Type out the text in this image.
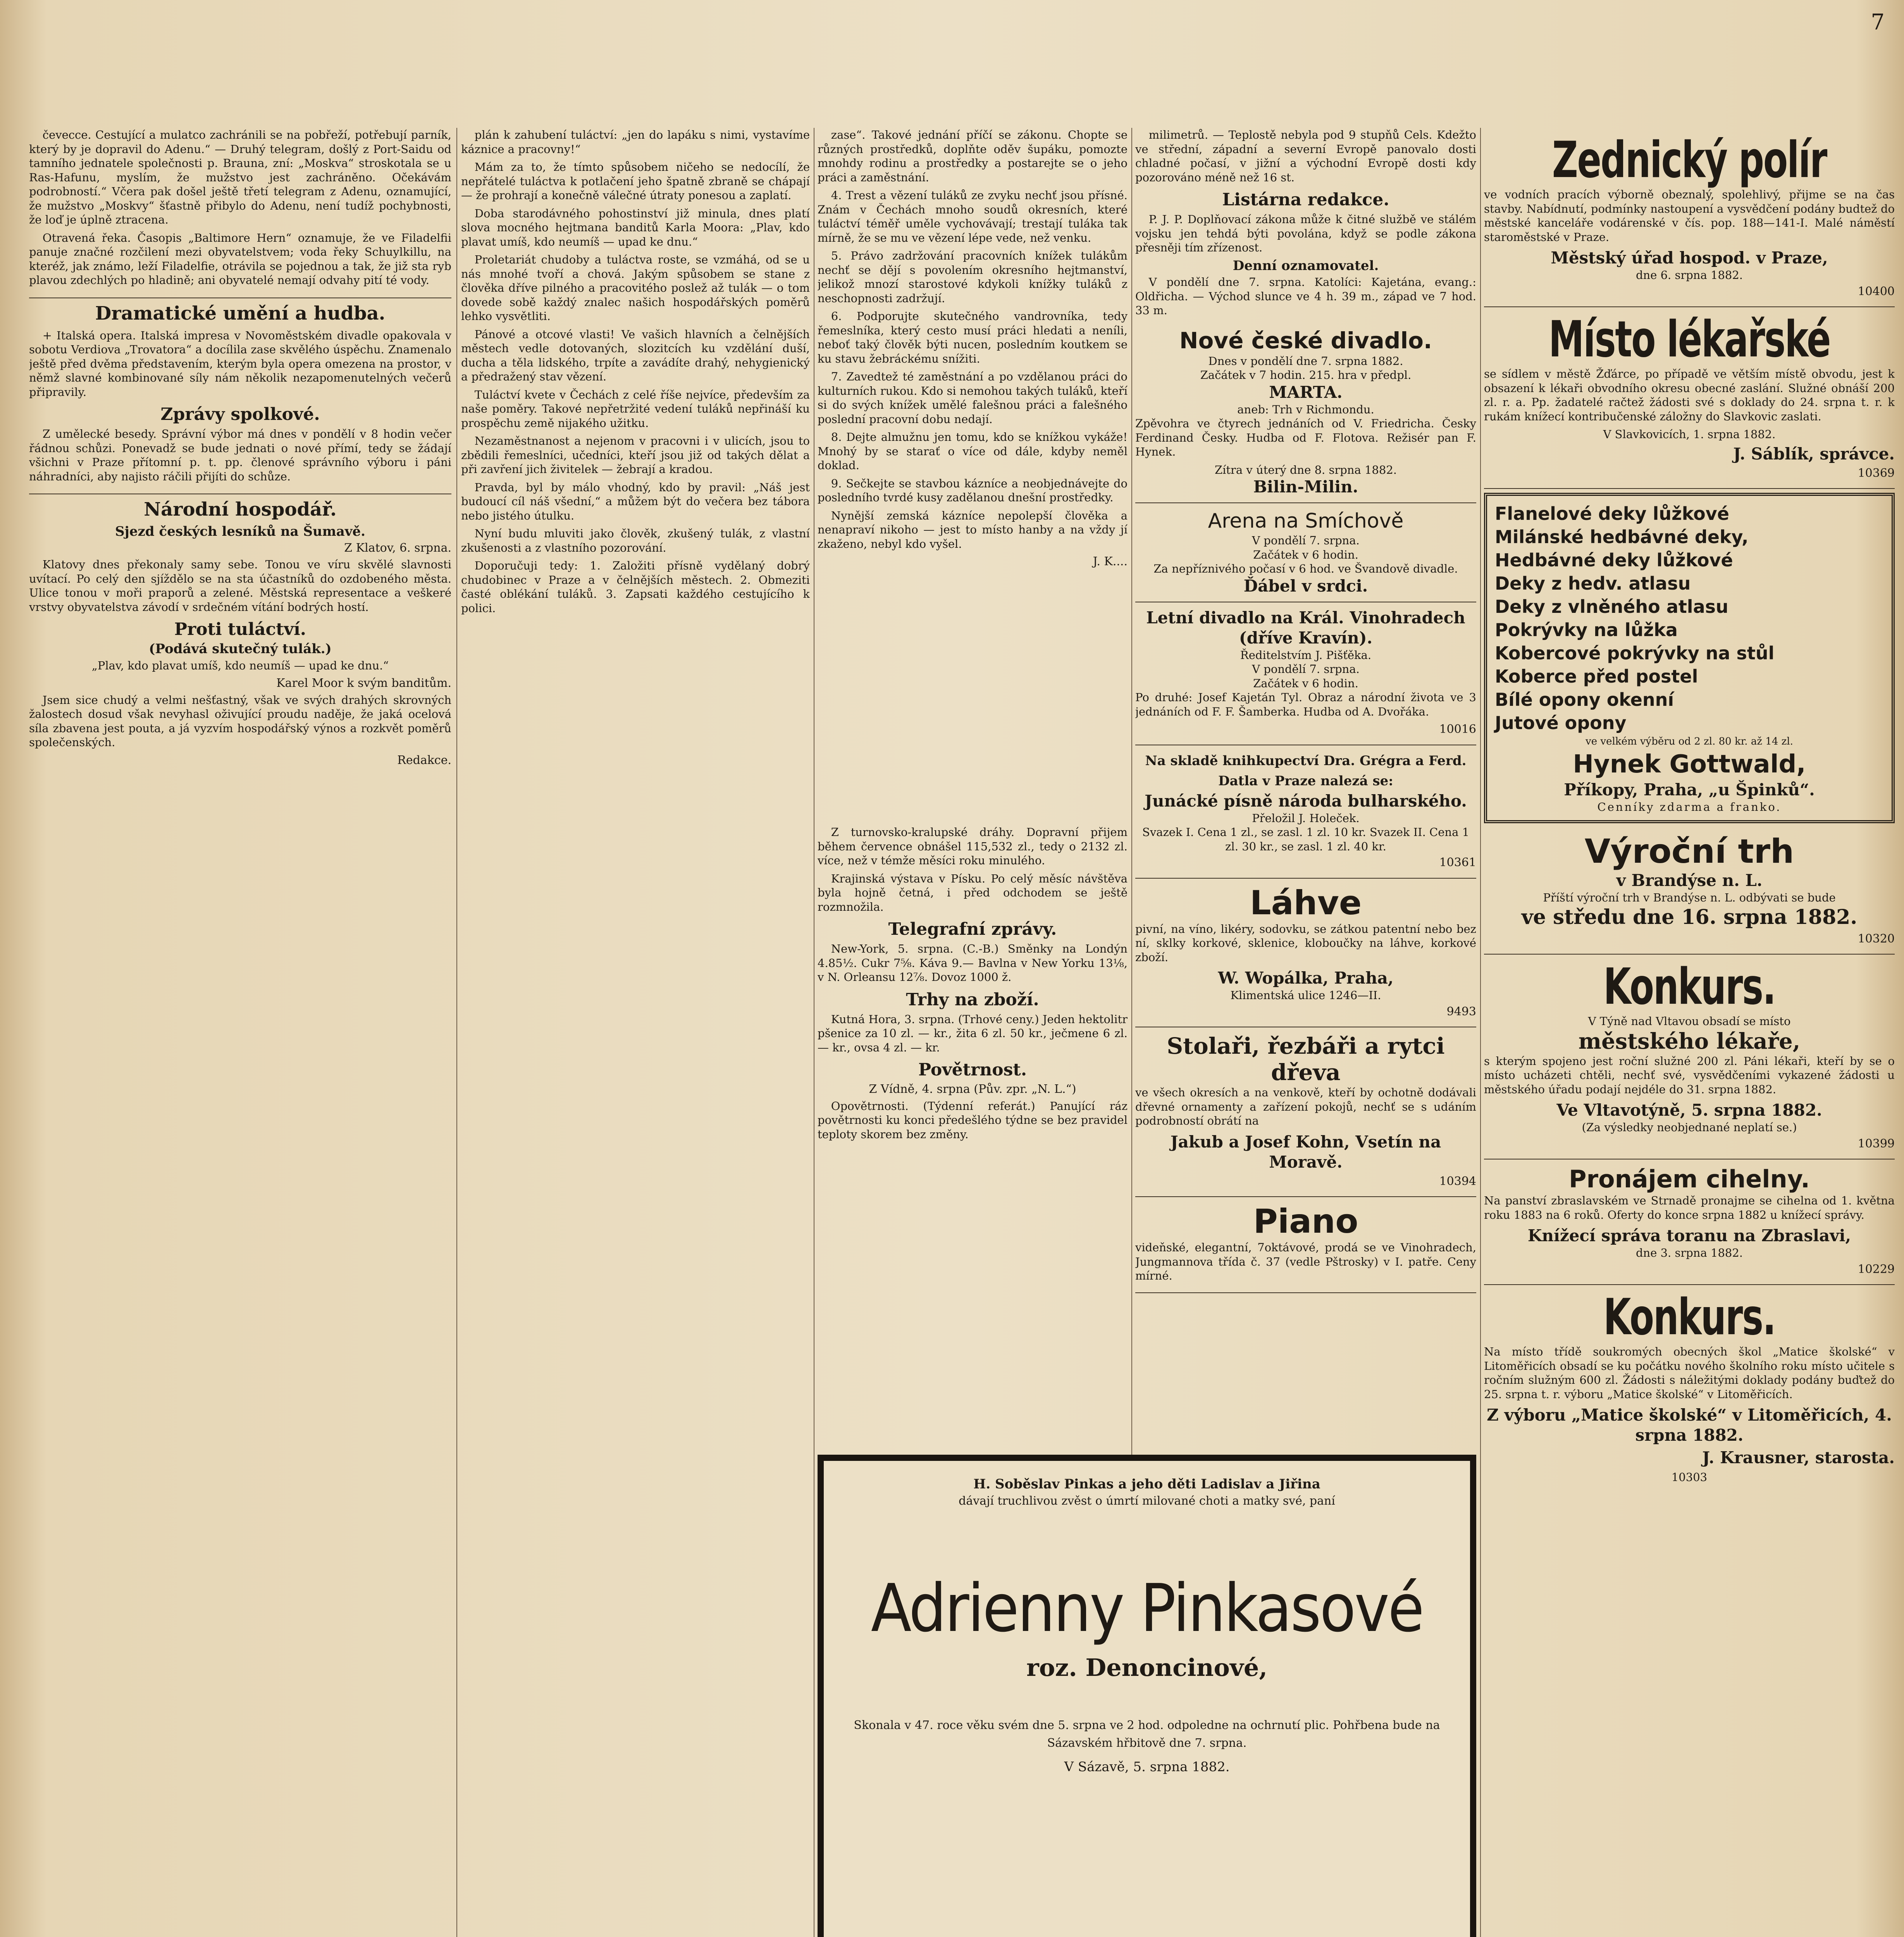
7

čevecce. Cestující a mulatco zachránili se na pobřeží, potřebují parník, který by je dopravil do Adenu.“ — Druhý telegram, došlý z Port-Saidu od tamního jednatele společnosti p. Brauna, zní: „Moskva“ stroskotala se u Ras-Hafunu, myslím, že mužstvo jest zachráněno. Očekávám podrobností.“ Včera pak došel ještě třetí telegram z Adenu, oznamující, že mužstvo „Moskvy“ šťastně přibylo do Adenu, není tudíž pochybnosti, že loď je úplně ztracena.

Otravená řeka. Časopis „Baltimore Hern“ oznamuje, že ve Filadelfii panuje značné rozčilení mezi obyvatelstvem; voda řeky Schuylkillu, na kteréž, jak známo, leží Filadelfie, otrávila se pojednou a tak, že již sta ryb plavou zdechlých po hladině; ani obyvatelé nemají odvahy pití té vody.

Dramatické umění a hudba.

+ Italská opera. Italská impresa v Novoměstském divadle opakovala v sobotu Verdiova „Trovatora“ a docílila zase skvělého úspěchu. Znamenalo ještě před dvěma představením, kterým byla opera omezena na prostor, v němž slavné kombinované síly nám několik nezapomenutelných večerů připravily.

Zprávy spolkové.

Z umělecké besedy. Správní výbor má dnes v pondělí v 8 hodin večer řádnou schůzi. Ponevadž se bude jednati o nové přímí, tedy se žádají všichni v Praze přítomní p. t. pp. členové správního výboru i páni náhradníci, aby najisto ráčili přijíti do schůze.

Národní hospodář.
Sjezd českých lesníků na Šumavě.
Z Klatov, 6. srpna.

Klatovy dnes překonaly samy sebe. Tonou ve víru skvělé slavnosti uvítací. Po celý den sjíždělo se na sta účastníků do ozdobeného města. Ulice tonou v moři praporů a zelené. Městská representace a veškeré vrstvy obyvatelstva závodí v srdečném vítání bodrých hostí.

Proti tuláctví.
(Podává skutečný tulák.)

„Plav, kdo plavat umíš, kdo neumíš — upad ke dnu.“

Karel Moor k svým banditům.

Jsem sice chudý a velmi nešťastný, však ve svých drahých skrovných žalostech dosud však nevyhasl oživující proudu naděje, že jaká ocelová síla zbavena jest pouta, a já vyzvím hospodářský výnos a rozkvět poměrů společenských.

Redakce.

plán k zahubení tuláctví: „jen do lapáku s nimi, vystavíme káznice a pracovny!“

Mám za to, že tímto spůsobem ničeho se nedocílí, že nepřátelé tuláctva k potlačení jeho špatně zbraně se chápají — že prohrají a konečně válečné útraty ponesou a zaplatí.

Doba starodávného pohostinství již minula, dnes platí slova mocného hejtmana banditů Karla Moora: „Plav, kdo plavat umíš, kdo neumíš — upad ke dnu.“

Proletariát chudoby a tuláctva roste, se vzmáhá, od se u nás mnohé tvoří a chová. Jakým spůsobem se stane z člověka dříve pilného a pracovitého poslež až tulák — o tom dovede sobě každý znalec našich hospodářských poměrů lehko vysvětliti.

Pánové a otcové vlasti! Ve vašich hlavních a čelnějších městech vedle dotovaných, slozitcích ku vzdělání duší, ducha a těla lidského, trpíte a zavádíte drahý, nehygienický a předražený stav vězení.

Tuláctví kvete v Čechách z celé říše nejvíce, především za naše poměry. Takové nepřetržité vedení tuláků nepřináší ku prospěchu země nijakého užitku.

Nezaměstnanost a nejenom v pracovni i v ulicích, jsou to zbědili řemeslníci, učedníci, kteří jsou již od takých dělat a při zavření jich živitelek — žebrají a kradou.

Pravda, byl by málo vhodný, kdo by pravil: „Náš jest budoucí cíl náš všední,“ a můžem být do večera bez tábora nebo jistého útulku.

Nyní budu mluviti jako člověk, zkušený tulák, z vlastní zkušenosti a z vlastního pozorování.

Doporučuji tedy: 1. Založiti přísně vydělaný dobrý chudobinec v Praze a v čelnějších městech. 2. Obmeziti časté oblékání tuláků. 3. Zapsati každého cestujícího k polici.

zase“. Takové jednání příčí se zákonu. Chopte se různých prostředků, doplňte oděv šupáku, pomozte mnohdy rodinu a prostředky a postarejte se o jeho práci a zaměstnání.

4. Trest a vězení tuláků ze zvyku nechť jsou přísné. Znám v Čechách mnoho soudů okresních, které tuláctví téměř uměle vychovávají; trestají tuláka tak mírně, že se mu ve vězení lépe vede, než venku.

5. Právo zadržování pracovních knížek tulákům nechť se dějí s povolením okresního hejtmanství, jelikož mnozí starostové kdykoli knížky tuláků z neschopnosti zadržují.

6. Podporujte skutečného vandrovníka, tedy řemeslníka, který cesto musí práci hledati a neníli, neboť taký člověk býti nucen, posledním koutkem se ku stavu žebráckému snížiti.

7. Zavedtež té zaměstnání a po vzdělanou práci do kulturních rukou. Kdo si nemohou takých tuláků, kteří si do svých knížek umělé falešnou práci a falešného poslední pracovní dobu nedají.

8. Dejte almužnu jen tomu, kdo se knížkou vykáže! Mnohý by se starať o více od dále, kdyby neměl doklad.

9. Sečkejte se stavbou kázníce a neobjednávejte do posledního tvrdé kusy zadělanou dnešní prostředky.

Nynější zemská kázníce nepolepší člověka a nenapraví nikoho — jest to místo hanby a na vždy jí zkaženo, nebyl kdo vyšel.

J. K....

Z turnovsko-kralupské dráhy. Dopravní přijem během července obnášel 115,532 zl., tedy o 2132 zl. více, než v témže měsíci roku minulého.

Krajinská výstava v Písku. Po celý měsíc návštěva byla hojně četná, i před odchodem se ještě rozmnožila.

Telegrafní zprávy.

New-York, 5. srpna. (C.-B.) Směnky na Londýn 4.85½. Cukr 7⅝. Káva 9.— Bavlna v New Yorku 13⅛, v N. Orleansu 12⅞. Dovoz 1000 ž.

Trhy na zboží.

Kutná Hora, 3. srpna. (Trhové ceny.) Jeden hektolitr pšenice za 10 zl. — kr., žita 6 zl. 50 kr., ječmene 6 zl. — kr., ovsa 4 zl. — kr.

Povětrnost.
Z Vídně, 4. srpna (Pův. zpr. „N. L.“)

Opovětrnosti. (Týdenní referát.) Panující ráz povětrnosti ku konci předešlého týdne se bez pravidel teploty skorem bez změny.

milimetrů. — Teplostě nebyla pod 9 stupňů Cels. Kdežto ve střední, západní a severní Evropě panovalo dosti chladné počasí, v jižní a východní Evropě dosti kdy pozorováno méně než 16 st.

Listárna redakce.

P. J. P. Doplňovací zákona může k čitné službě ve stálém vojsku jen tehdá býti povolána, když se podle zákona přesněji tím zřízenost.

Denní oznamovatel.

V pondělí dne 7. srpna. Katolíci: Kajetána, evang.: Oldřicha. — Východ slunce ve 4 h. 39 m., západ ve 7 hod. 33 m.

Nové české divadlo.
Dnes v pondělí dne 7. srpna 1882.
Začátek v 7 hodin. 215. hra v předpl.
MARTA.
aneb: Trh v Richmondu.

Zpěvohra ve čtyrech jednáních od V. Friedricha. Česky Ferdinand Česky. Hudba od F. Flotova. Režisér pan F. Hynek.

Zítra v úterý dne 8. srpna 1882.
Bilin-Milin.
Arena na Smíchově
V pondělí 7. srpna.
Začátek v 6 hodin.
Za nepříznivého počasí v 6 hod. ve Švandově divadle.
Ďábel v srdci.
Letní divadlo na Král. Vinohradech (dříve Kravín).
Ředitelstvím J. Pišťěka.
V pondělí 7. srpna.
Začátek v 6 hodin.

Po druhé: Josef Kajetán Tyl. Obraz a národní života ve 3 jednáních od F. F. Šamberka. Hudba od A. Dvořáka.

10016
Na skladě knihkupectví Dra. Grégra a Ferd. Datla v Praze nalezá se:
Junácké písně národa bulharského.
Přeložil J. Holeček.
Svazek I. Cena 1 zl., se zasl. 1 zl. 10 kr. Svazek II. Cena 1 zl. 30 kr., se zasl. 1 zl. 40 kr.
10361
Láhve

pivní, na víno, likéry, sodovku, se zátkou patentní nebo bez ní, sklky korkové, sklenice, kloboučky na láhve, korkové zboží.

W. Wopálka, Praha,
Klimentská ulice 1246—II.
9493
Stolaři, řezbáři a rytci dřeva

ve všech okresích a na venkově, kteří by ochotně dodávali dřevné ornamenty a zařízení pokojů, nechť se s udáním podrobností obrátí na

Jakub a Josef Kohn, Vsetín na Moravě.
10394
Piano

videňské, elegantní, 7oktávové, prodá se ve Vinohradech, Jungmannova třída č. 37 (vedle Pštrosky) v I. patře. Ceny mírné.

Zednický polír

ve vodních pracích výborně obeznalý, spolehlivý, přijme se na čas stavby. Nabídnutí, podmínky nastoupení a vysvědčení podány budtež do městské kanceláře vodárenské v čís. pop. 188—141-I. Malé náměstí staroměstské v Praze.

Městský úřad hospod. v Praze,
dne 6. srpna 1882.
10400
Místo lékařské

se sídlem v městě Žďárce, po případě ve větším místě obvodu, jest k obsazení k lékaři obvodního okresu obecné zaslání. Služné obnáší 200 zl. r. a. Pp. žadatelé račtež žádosti své s doklady do 24. srpna t. r. k rukám knížecí kontribučenské záložny do Slavkovic zaslati.

V Slavkovicích, 1. srpna 1882.
J. Sáblík, správce.
10369
Flanelové deky lůžkové
Milánské hedbávné deky,
Hedbávné deky lůžkové
Deky z hedv. atlasu
Deky z vlněného atlasu
Pokrývky na lůžka
Kobercové pokrývky na stůl
Koberce před postel
Bílé opony okenní
Jutové opony
ve velkém výběru od 2 zl. 80 kr. až 14 zl.
Hynek Gottwald,
Příkopy, Praha, „u Špinků“.
Cenníky zdarma a franko.
Výroční trh
v Brandýse n. L.
Příští výroční trh v Brandýse n. L. odbývati se bude
ve středu dne 16. srpna 1882.
10320
Konkurs.
V Týně nad Vltavou obsadí se místo
městského lékaře,

s kterým spojeno jest roční služné 200 zl. Páni lékaři, kteří by se o místo ucházeti chtěli, nechť své, vysvědčeními vykazené žádosti u městského úřadu podají nejdéle do 31. srpna 1882.

Ve Vltavotýně, 5. srpna 1882.
(Za výsledky neobjednané neplatí se.)
10399
Pronájem cihelny.

Na panství zbraslavském ve Strnadě pronajme se cihelna od 1. května roku 1883 na 6 roků. Oferty do konce srpna 1882 u knížecí správy.

Knížecí správa toranu na Zbraslavi,
dne 3. srpna 1882.
10229
Konkurs.

Na místo třídě soukromých obecných škol „Matice školské“ v Litoměřicích obsadí se ku počátku nového školního roku místo učitele s ročním služným 600 zl. Žádosti s náležitými doklady podány buďtež do 25. srpna t. r. výboru „Matice školské“ v Litoměřicích.

Z výboru „Matice školské“ v Litoměřicích, 4. srpna 1882.
J. Krausner, starosta.
10303
H. Soběslav Pinkas a jeho děti Ladislav a Jiřina
dávají truchlivou zvěst o úmrtí milované choti a matky své, paní
Adrienny Pinkasové
roz. Denoncinové,
Skonala v 47. roce věku svém dne 5. srpna ve 2 hod. odpoledne na ochrnutí plic. Pohřbena bude na Sázavském hřbitově dne 7. srpna.
V Sázavě, 5. srpna 1882.
